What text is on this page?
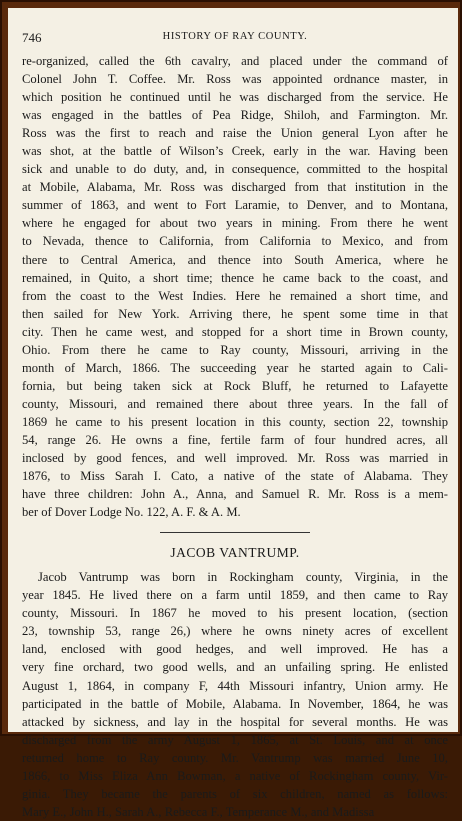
746	HISTORY OF RAY COUNTY.
re-organized, called the 6th cavalry, and placed under the command of
Colonel John T. Coffee. Mr. Ross was appointed ordnance master, in
which position he continued until he was discharged from the service. He
was engaged in the battles of Pea Ridge, Shiloh, and Farmington. Mr.
Ross was the first to reach and raise the Union general Lyon after he
was shot, at the battle of Wilson’s Creek, early in the war. Having been
sick and unable to do duty, and, in consequence, committed to the hospital
at Mobile, Alabama, Mr. Ross was discharged from that institution in the
summer of 1863, and went to Fort Laramie, to Denver, and to Montana,
where he engaged for about two years in mining. From there he went
to Nevada, thence to California, from California to Mexico, and from
there to Central America, and thence into South America, where he
remained, in Quito, a short time; thence he came back to the coast, and
from the coast to the West Indies. Here he remained a short time, and
then sailed for New York. Arriving there, he spent some time in that
city. Then he came west, and stopped for a short time in Brown county,
Ohio. From there he came to Ray county, Missouri, arriving in the
month of March, 1866. The succeeding year he started again to Cali-
fornia, but being taken sick at Rock Bluff, he returned to Lafayette
county, Missouri, and remained there about three years. In the fall of
1869 he came to his present location in this county, section 22, township
54, range 26. He owns a fine, fertile farm of four hundred acres, all
inclosed by good fences, and well improved. Mr. Ross was married in
1876, to Miss Sarah I. Cato, a native of the state of Alabama. They
have three children: John A., Anna, and Samuel R. Mr. Ross is a mem-
ber of Dover Lodge No. 122, A. F. & A. M.
JACOB VANTRUMP.
Jacob Vantrump was born in Rockingham county, Virginia, in the
year 1845. He lived there on a farm until 1859, and then came to Ray
county, Missouri. In 1867 he moved to his present location, (section
23, township 53, range 26,) where he owns ninety acres of excellent
land, enclosed with good hedges, and well improved. He has a
very fine orchard, two good wells, and an unfailing spring. He enlisted
August 1, 1864, in company F, 44th Missouri infantry, Union army. He
participated in the battle of Mobile, Alabama. In November, 1864, he was
attacked by sickness, and lay in the hospital for several months. He was
discharged from the army August 1, 1865, at St. Louis, and at once
returned home to Ray county. Mr. Vantrump was married June 10,
1866, to Miss Eliza Ann Bowman, a native of Rockingham county, Vir-
ginia. They became the parents of six children, named as follows:
Mary E., John H., Sarah A., Rebecca F., Temperance M., and Madissa
